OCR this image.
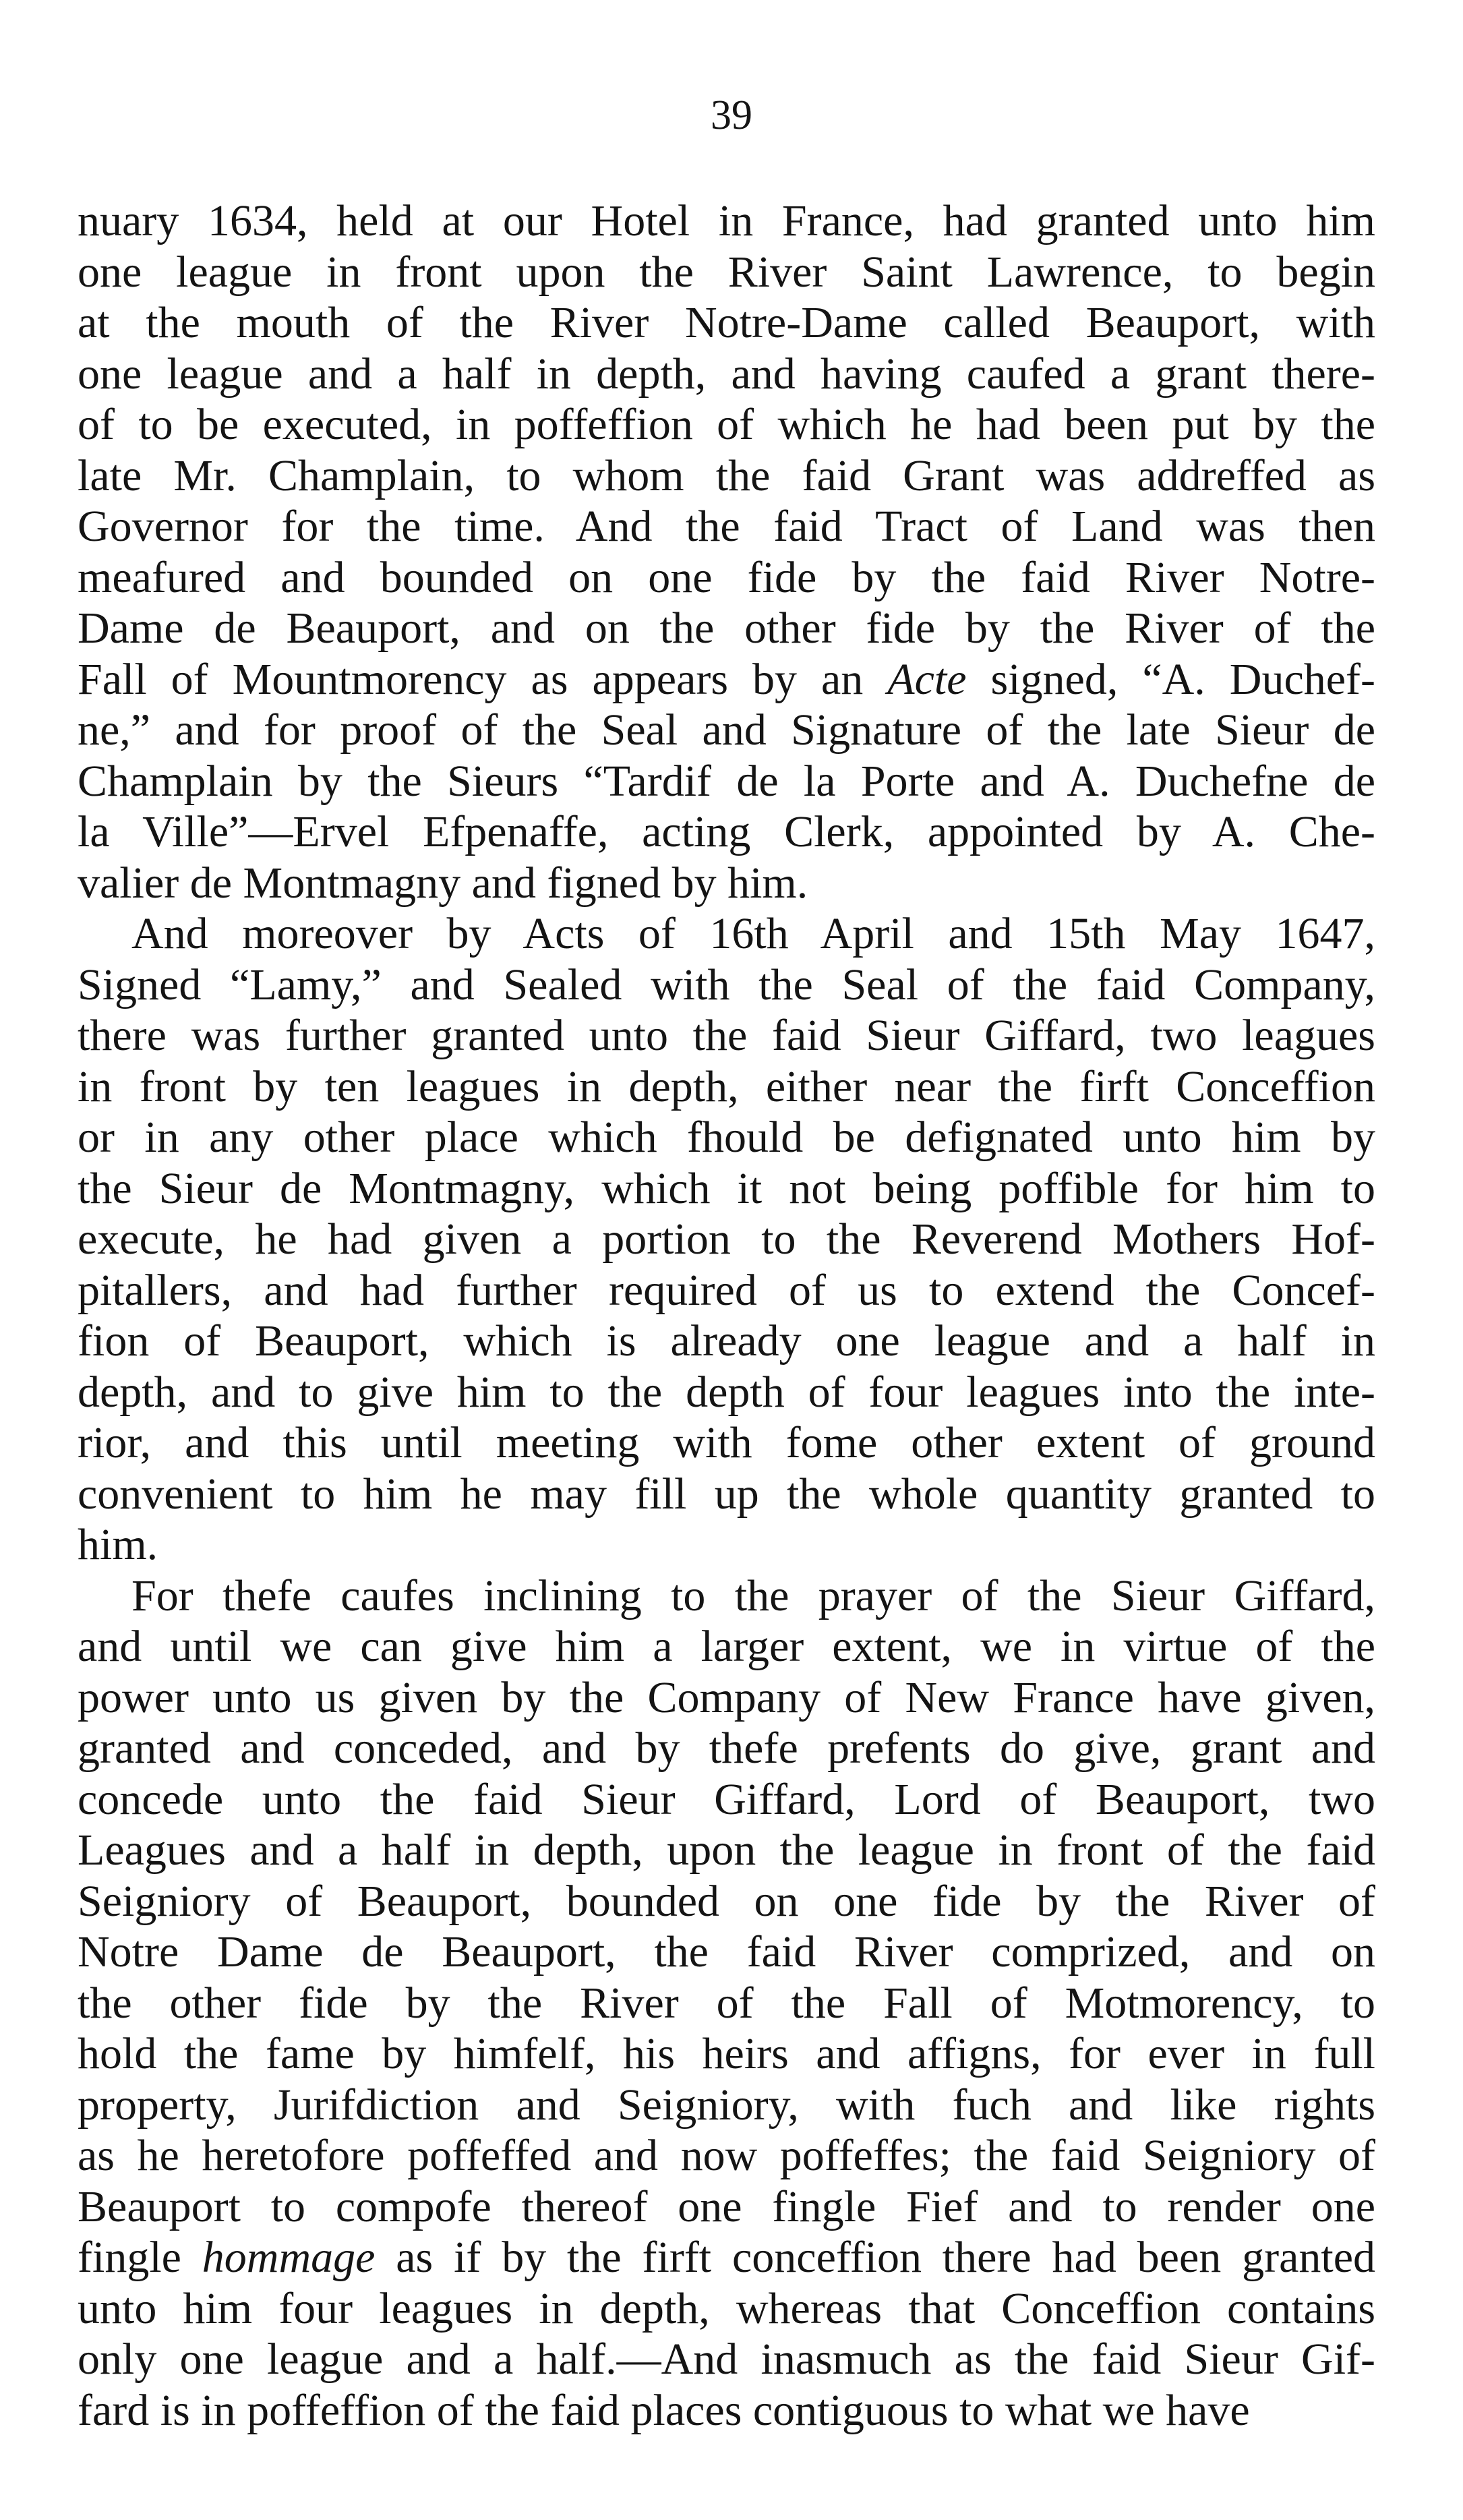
39
nuary 1634, held at our Hotel in France, had granted unto him
one league in front upon the River Saint Lawrence, to begin
at the mouth of the River Notre-Dame called Beauport, with
one league and a half in depth, and having caufed a grant there-
of to be executed, in poffeffion of which he had been put by the
late Mr. Champlain, to whom the faid Grant was addreffed as
Governor for the time. And the faid Tract of Land was then
meafured and bounded on one fide by the faid River Notre-
Dame de Beauport, and on the other fide by the River of the
Fall of Mountmorency as appears by an Acte signed, “A. Duchef-
ne,” and for proof of the Seal and Signature of the late Sieur de
Champlain by the Sieurs “Tardif de la Porte and A. Duchefne de
la Ville”—Ervel Efpenaffe, acting Clerk, appointed by A. Che-
valier de Montmagny and figned by him.
And moreover by Acts of 16th April and 15th May 1647,
Signed “Lamy,” and Sealed with the Seal of the faid Company,
there was further granted unto the faid Sieur Giffard, two leagues
in front by ten leagues in depth, either near the firft Conceffion
or in any other place which fhould be defignated unto him by
the Sieur de Montmagny, which it not being poffible for him to
execute, he had given a portion to the Reverend Mothers Hof-
pitallers, and had further required of us to extend the Concef-
fion of Beauport, which is already one league and a half in
depth, and to give him to the depth of four leagues into the inte-
rior, and this until meeting with fome other extent of ground
convenient to him he may fill up the whole quantity granted to
him.
For thefe caufes inclining to the prayer of the Sieur Giffard,
and until we can give him a larger extent, we in virtue of the
power unto us given by the Company of New France have given,
granted and conceded, and by thefe prefents do give, grant and
concede unto the faid Sieur Giffard, Lord of Beauport, two
Leagues and a half in depth, upon the league in front of the faid
Seigniory of Beauport, bounded on one fide by the River of
Notre Dame de Beauport, the faid River comprized, and on
the other fide by the River of the Fall of Motmorency, to
hold the fame by himfelf, his heirs and affigns, for ever in full
property, Jurifdiction and Seigniory, with fuch and like rights
as he heretofore poffeffed and now poffeffes; the faid Seigniory of
Beauport to compofe thereof one fingle Fief and to render one
fingle hommage as if by the firft conceffion there had been granted
unto him four leagues in depth, whereas that Conceffion contains
only one league and a half.—And inasmuch as the faid Sieur Gif-
fard is in poffeffion of the faid places contiguous to what we have
